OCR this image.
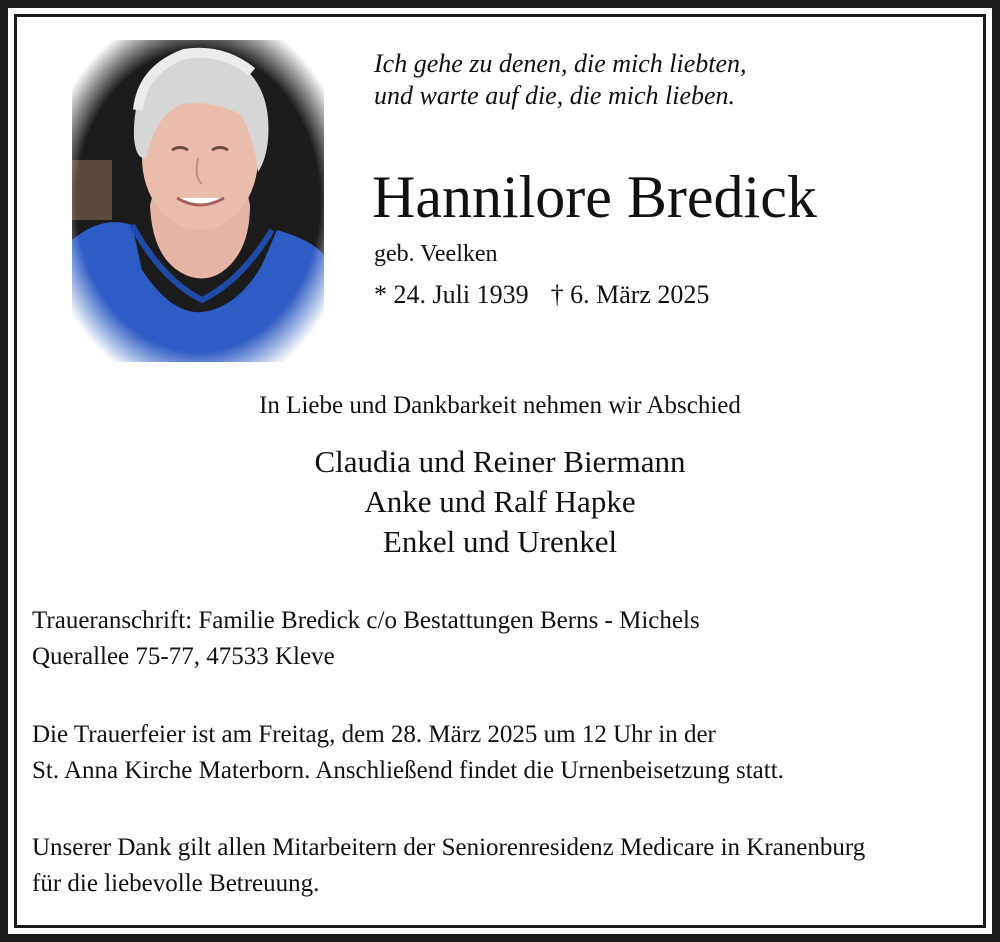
Ich gehe zu denen, die mich liebten,
und warte auf die, die mich lieben.
Hannilore Bredick
geb. Veelken
* 24. Juli 1939 † 6. März 2025
In Liebe und Dankbarkeit nehmen wir Abschied
Claudia und Reiner Biermann
Anke und Ralf Hapke
Enkel und Urenkel
Traueranschrift: Familie Bredick c/o Bestattungen Berns - Michels
Querallee 75-77, 47533 Kleve
Die Trauerfeier ist am Freitag, dem 28. März 2025 um 12 Uhr in der
St. Anna Kirche Materborn. Anschließend findet die Urnenbeisetzung statt.
Unserer Dank gilt allen Mitarbeitern der Seniorenresidenz Medicare in Kranenburg
für die liebevolle Betreuung.
